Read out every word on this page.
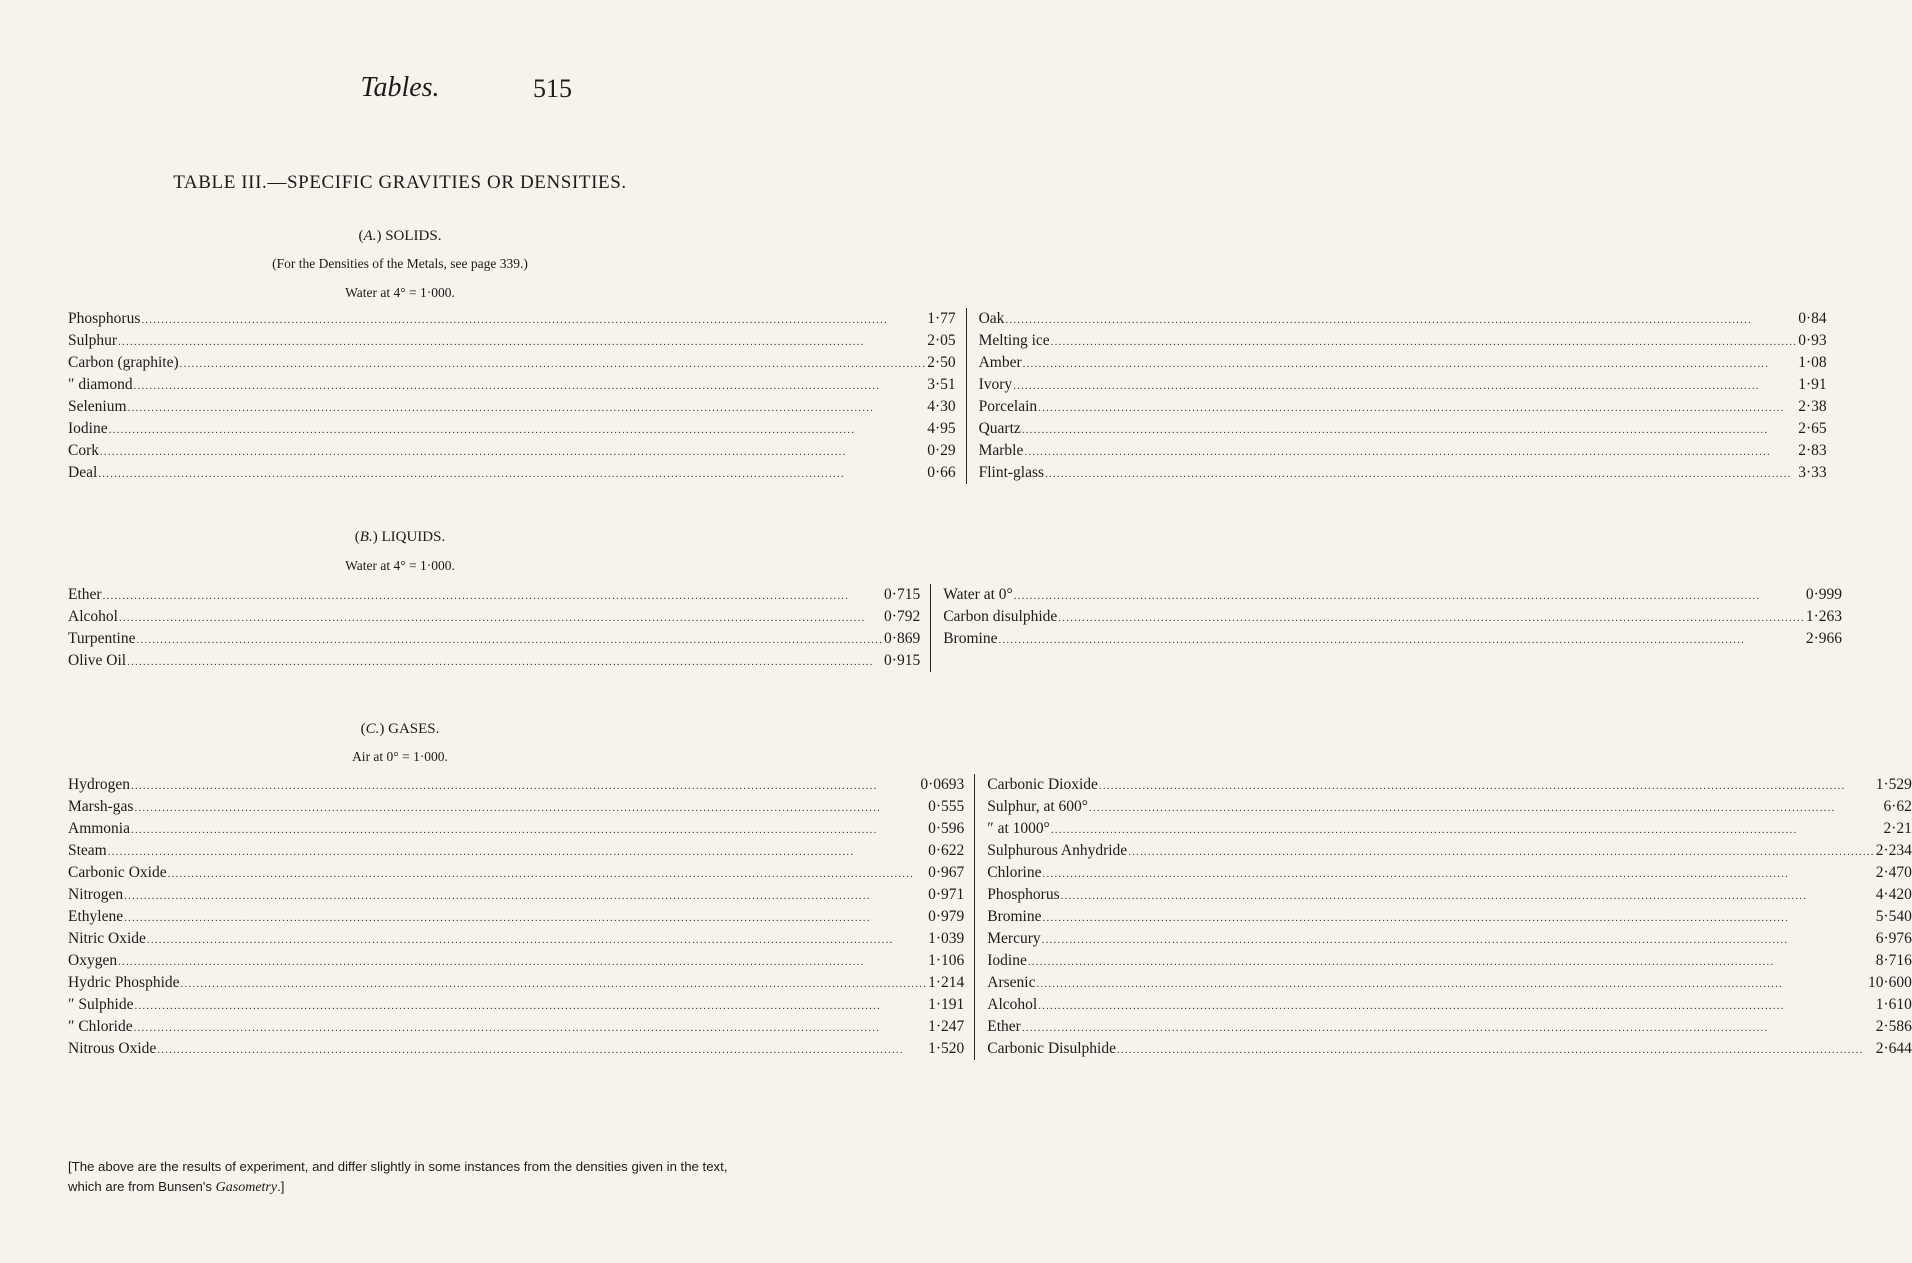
Tables.	515
TABLE III.—SPECIFIC GRAVITIES OR DENSITIES.
(A.) SOLIDS.
(For the Densities of the Metals, see page 339.)
Water at 4° = 1·000.
Phosphorus .....	1·77
Sulphur .....	2·05
Carbon (graphite) .....	2·50
″ diamond .....	3·51
Selenium .....	4·30
Iodine .....	4·95
Cork .....	0·29
Deal .....	0·66
Oak .....	0·84
Melting ice .....	0·93
Amber .....	1·08
Ivory .....	1·91
Porcelain .....	2·38
Quartz .....	2·65
Marble .....	2·83
Flint-glass .....	3·33
(B.) LIQUIDS.
Water at 4° = 1·000.
Ether .....	0·715
Alcohol .....	0·792
Turpentine .....	0·869
Olive Oil .....	0·915
Water at 0° .....	0·999
Carbon disulphide .....	1·263
Bromine .....	2·966
(C.) GASES.
Air at 0° = 1·000.
Hydrogen .....	0·0693
Marsh-gas .....	0·555
Ammonia .....	0·596
Steam .....	0·622
Carbonic Oxide .....	0·967
Nitrogen .....	0·971
Ethylene .....	0·979
Nitric Oxide .....	1·039
Oxygen .....	1·106
Hydric Phosphide .....	1·214
″ Sulphide .....	1·191
″ Chloride .....	1·247
Nitrous Oxide .....	1·520
Carbonic Dioxide .....	1·529
Sulphur, at 600° .....	6·62
″ at 1000° .....	2·21
Sulphurous Anhydride .....	2·234
Chlorine .....	2·470
Phosphorus .....	4·420
Bromine .....	5·540
Mercury .....	6·976
Iodine .....	8·716
Arsenic .....	10·600
Alcohol .....	1·610
Ether .....	2·586
Carbonic Disulphide .....	2·644
[The above are the results of experiment, and differ slightly in some instances from the densities given in the text, which are from Bunsen's Gasometry.]
